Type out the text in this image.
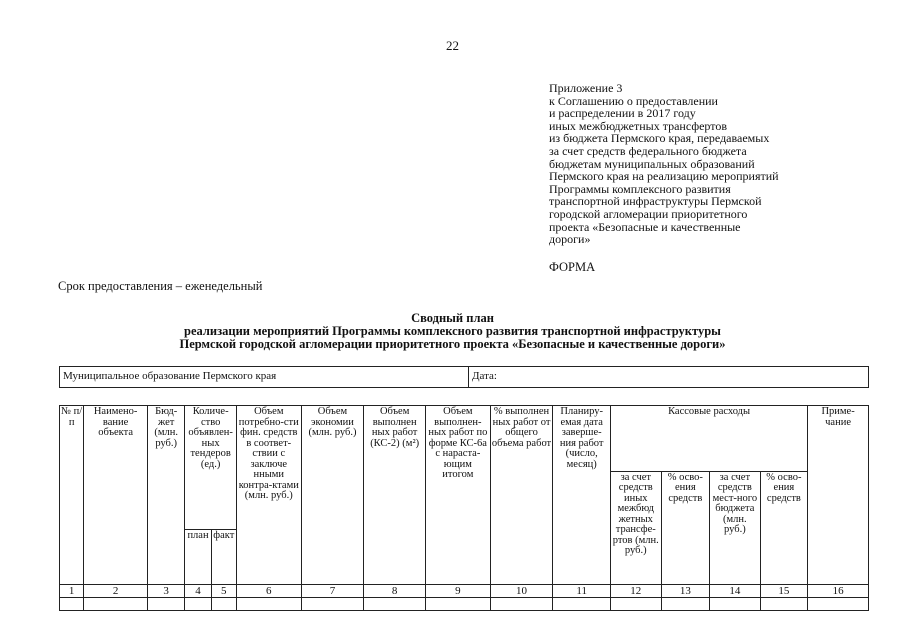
22
Приложение 3
к Соглашению о предоставлении
и распределении в 2017 году
иных межбюджетных трансфертов
из бюджета Пермского края, передаваемых
за счет средств федерального бюджета
бюджетам муниципальных образований
Пермского края на реализацию мероприятий
Программы комплексного развития
транспортной инфраструктуры Пермской
городской агломерации приоритетного
проекта «Безопасные и качественные
дороги»
ФОРМА
Срок предоставления – еженедельный
Сводный план
реализации мероприятий Программы комплексного развития транспортной инфраструктуры
Пермской городской агломерации приоритетного проекта «Безопасные и качественные дороги»
Муниципальное образование Пермского края	Дата:
№ п/п	Наимено-вание объекта	Бюд-жет (млн. руб.)	Количе-ство объявлен-ных тендеров (ед.)		Объем потребно-сти фин. средств в соответ-ствии с заключе нными контра-ктами (млн. руб.)	Объем экономии (млн. руб.)	Объем выполнен ных работ (КС-2) (м²)	Объем выполнен-ных работ по форме КС-6а с нараста-ющим итогом	% выполнен ных работ от общего объема работ	Планиру-емая дата заверше-ния работ (число, месяц)	Кассовые расходы				Приме-чание
											за счет средств иных межбюд жетных трансфе-ртов (млн. руб.)	% осво-ения средств	за счет средств мест-ного бюджета (млн. руб.)	% осво-ения средств	
			план	факт											
1	2	3	4	5	6	7	8	9	10	11	12	13	14	15	16
